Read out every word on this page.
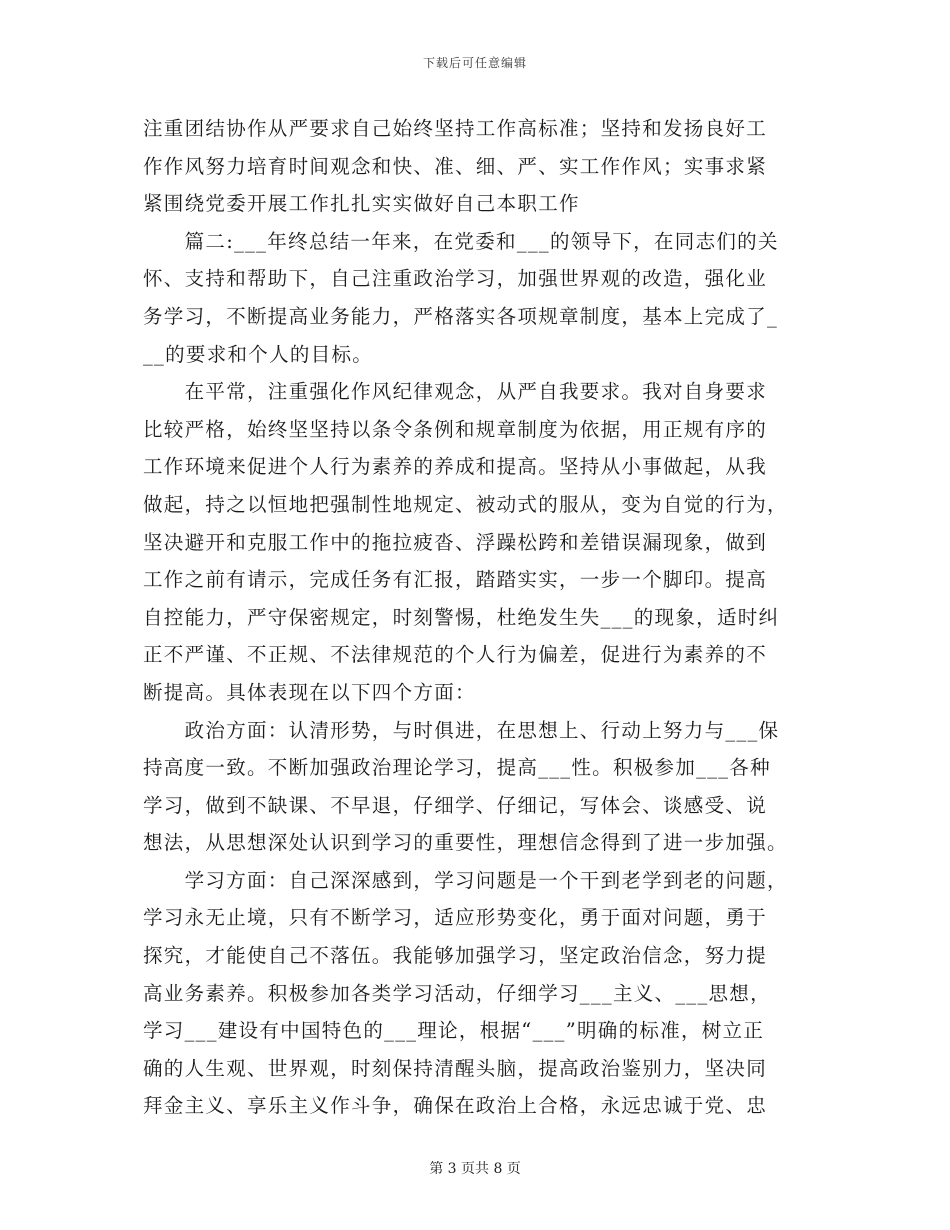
下载后可任意编辑
注重团结协作从严要求自己始终坚持工作高标准；坚持和发扬良好工
作作风努力培育时间观念和快、准、细、严、实工作作风；实事求紧
紧围绕党委开展工作扎扎实实做好自己本职工作
　　篇二:___年终总结一年来，在党委和___的领导下，在同志们的关
怀、支持和帮助下，自己注重政治学习，加强世界观的改造，强化业
务学习，不断提高业务能力，严格落实各项规章制度，基本上完成了_
__的要求和个人的目标。
　　在平常，注重强化作风纪律观念，从严自我要求。我对自身要求
比较严格，始终坚坚持以条令条例和规章制度为依据，用正规有序的
工作环境来促进个人行为素养的养成和提高。坚持从小事做起，从我
做起，持之以恒地把强制性地规定、被动式的服从，变为自觉的行为，
坚决避开和克服工作中的拖拉疲沓、浮躁松跨和差错误漏现象，做到
工作之前有请示，完成任务有汇报，踏踏实实，一步一个脚印。提高
自控能力，严守保密规定，时刻警惕，杜绝发生失___的现象，适时纠
正不严谨、不正规、不法律规范的个人行为偏差，促进行为素养的不
断提高。具体表现在以下四个方面：
　　政治方面：认清形势，与时俱进，在思想上、行动上努力与___保
持高度一致。不断加强政治理论学习，提高___性。积极参加___各种
学习，做到不缺课、不早退，仔细学、仔细记，写体会、谈感受、说
想法，从思想深处认识到学习的重要性，理想信念得到了进一步加强。
　　学习方面：自己深深感到，学习问题是一个干到老学到老的问题，
学习永无止境，只有不断学习，适应形势变化，勇于面对问题，勇于
探究，才能使自己不落伍。我能够加强学习，坚定政治信念，努力提
高业务素养。积极参加各类学习活动，仔细学习___主义、___思想，
学习___建设有中国特色的___理论，根据“___”明确的标准，树立正
确的人生观、世界观，时刻保持清醒头脑，提高政治鉴别力，坚决同
拜金主义、享乐主义作斗争，确保在政治上合格，永远忠诚于党、忠
第 3 页共 8 页
